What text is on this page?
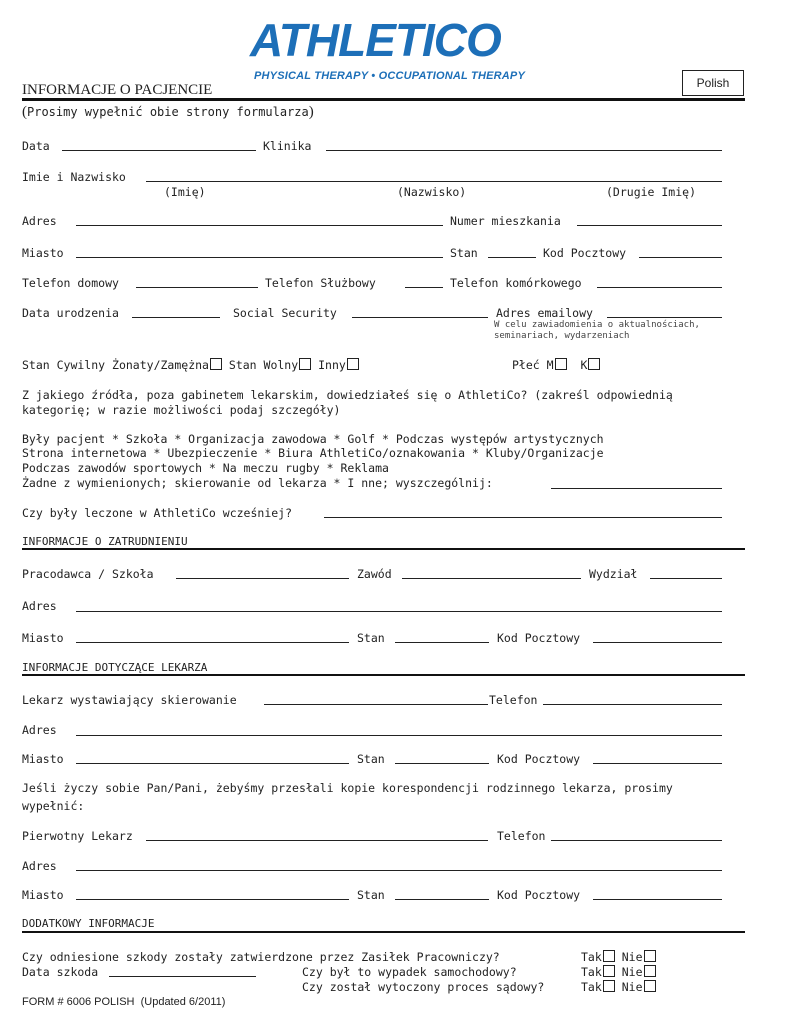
ATHLETICO
PHYSICAL THERAPY • OCCUPATIONAL THERAPY	Polish
INFORMACJE O PACJENCIE
(Prosimy wypełnić obie strony formularza)
Data	Klinika
Imie i Nazwisko
(Imię)	(Nazwisko)	(Drugie Imię)
Adres	Numer mieszkania
Miasto	Stan	Kod Pocztowy
Telefon domowy	Telefon Służbowy	Telefon komórkowego
Data urodzenia	Social Security	Adres emailowy
W celu zawiadomienia o aktualnościach,
seminariach, wydarzeniach
Stan Cywilny Żonaty/Zamężna Stan Wolny Inny	Płeć M K
Z jakiego źródła, poza gabinetem lekarskim, dowiedziałeś się o AthletiCo? (zakreśl odpowiednią
kategorię; w razie możliwości podaj szczegóły)
Były pacjent * Szkoła * Organizacja zawodowa * Golf * Podczas występów artystycznych
Strona internetowa * Ubezpieczenie * Biura AthletiCo/oznakowania * Kluby/Organizacje
Podczas zawodów sportowych * Na meczu rugby * Reklama
Żadne z wymienionych; skierowanie od lekarza * I nne; wyszczególnij:
Czy były leczone w AthletiCo wcześniej?
INFORMACJE O ZATRUDNIENIU
Pracodawca / Szkoła	Zawód	Wydział
Adres
Miasto	Stan	Kod Pocztowy
INFORMACJE DOTYCZĄCE LEKARZA
Lekarz wystawiający skierowanie	Telefon
Adres
Miasto	Stan	Kod Pocztowy
Jeśli życzy sobie Pan/Pani, żebyśmy przesłali kopie korespondencji rodzinnego lekarza, prosimy
wypełnić:
Pierwotny Lekarz	Telefon
Adres
Miasto	Stan	Kod Pocztowy
DODATKOWY INFORMACJE
Czy odniesione szkody zostały zatwierdzone przez Zasiłek Pracowniczy?	Tak Nie
Data szkoda	Czy był to wypadek samochodowy?	Tak Nie
Czy został wytoczony proces sądowy?	Tak Nie
FORM # 6006 POLISH  (Updated 6/2011)
